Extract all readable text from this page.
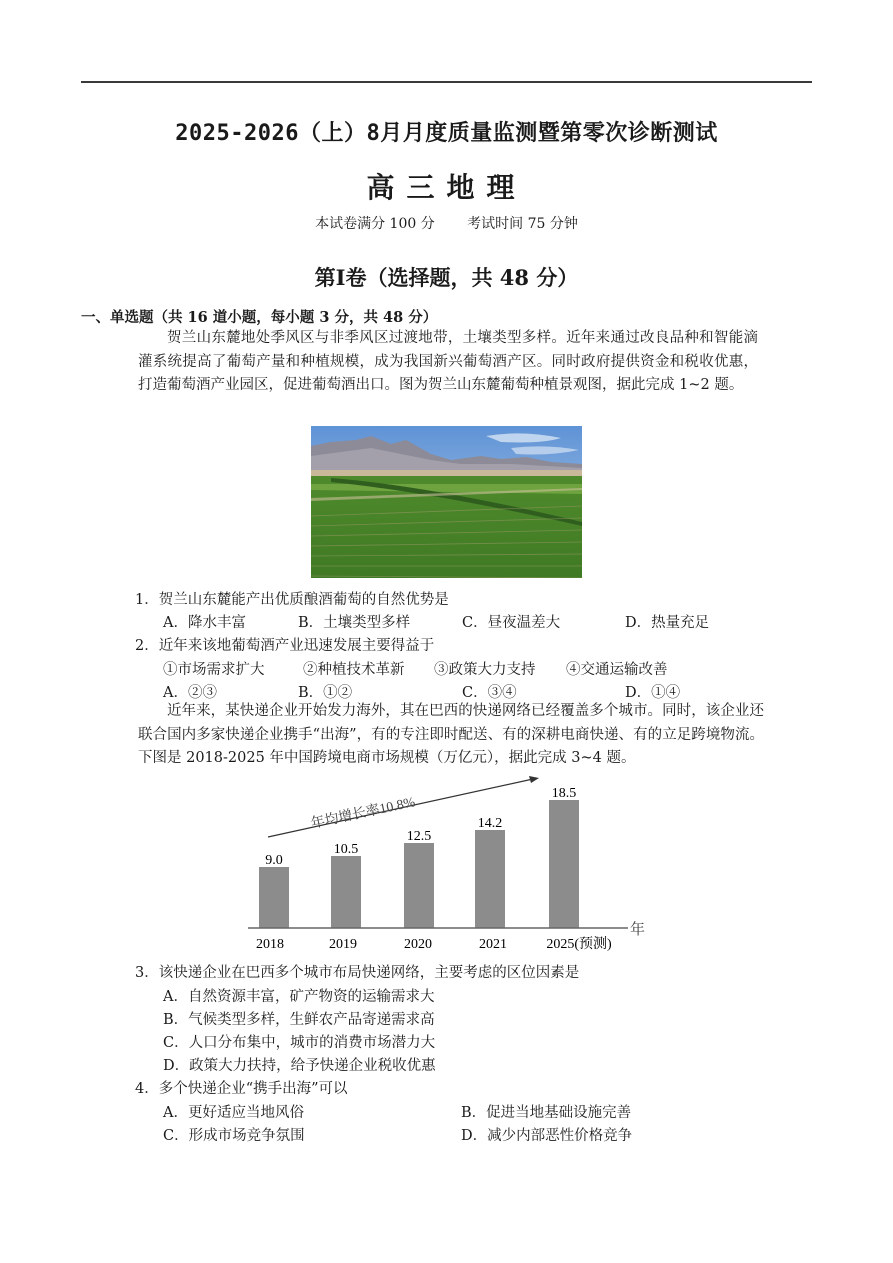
2025-2026（上）8月月度质量监测暨第零次诊断测试
高三地理
本试卷满分 100 分 考试时间 75 分钟
第Ⅰ卷（选择题，共 48 分）
一、单选题（共 16 道小题，每小题 3 分，共 48 分）
贺兰山东麓地处季风区与非季风区过渡地带，土壤类型多样。近年来通过改良品种和智能滴灌系统提高了葡萄产量和种植规模，成为我国新兴葡萄酒产区。同时政府提供资金和税收优惠，打造葡萄酒产业园区，促进葡萄酒出口。图为贺兰山东麓葡萄种植景观图，据此完成 1~2 题。
1．贺兰山东麓能产出优质酿酒葡萄的自然优势是
A．降水丰富	B．土壤类型多样	C．昼夜温差大	D．热量充足
2．近年来该地葡萄酒产业迅速发展主要得益于
①市场需求扩大	②种植技术革新 ③政策大力支持 ④交通运输改善
A．②③	B．①②	C．③④	D．①④
近年来，某快递企业开始发力海外，其在巴西的快递网络已经覆盖多个城市。同时，该企业还联合国内多家快递企业携手“出海”，有的专注即时配送、有的深耕电商快递、有的立足跨境物流。下图是 2018-2025 年中国跨境电商市场规模（万亿元），据此完成 3~4 题。
年均增长率10.8%
9.0
10.5
12.5
14.2
18.5
年
2018	2019	2020	2021	2025(预测)
3．该快递企业在巴西多个城市布局快递网络，主要考虑的区位因素是
A．自然资源丰富，矿产物资的运输需求大
B．气候类型多样，生鲜农产品寄递需求高
C．人口分布集中，城市的消费市场潜力大
D．政策大力扶持，给予快递企业税收优惠
4．多个快递企业“携手出海”可以
A．更好适应当地风俗	B．促进当地基础设施完善
C．形成市场竞争氛围	D．减少内部恶性价格竞争
